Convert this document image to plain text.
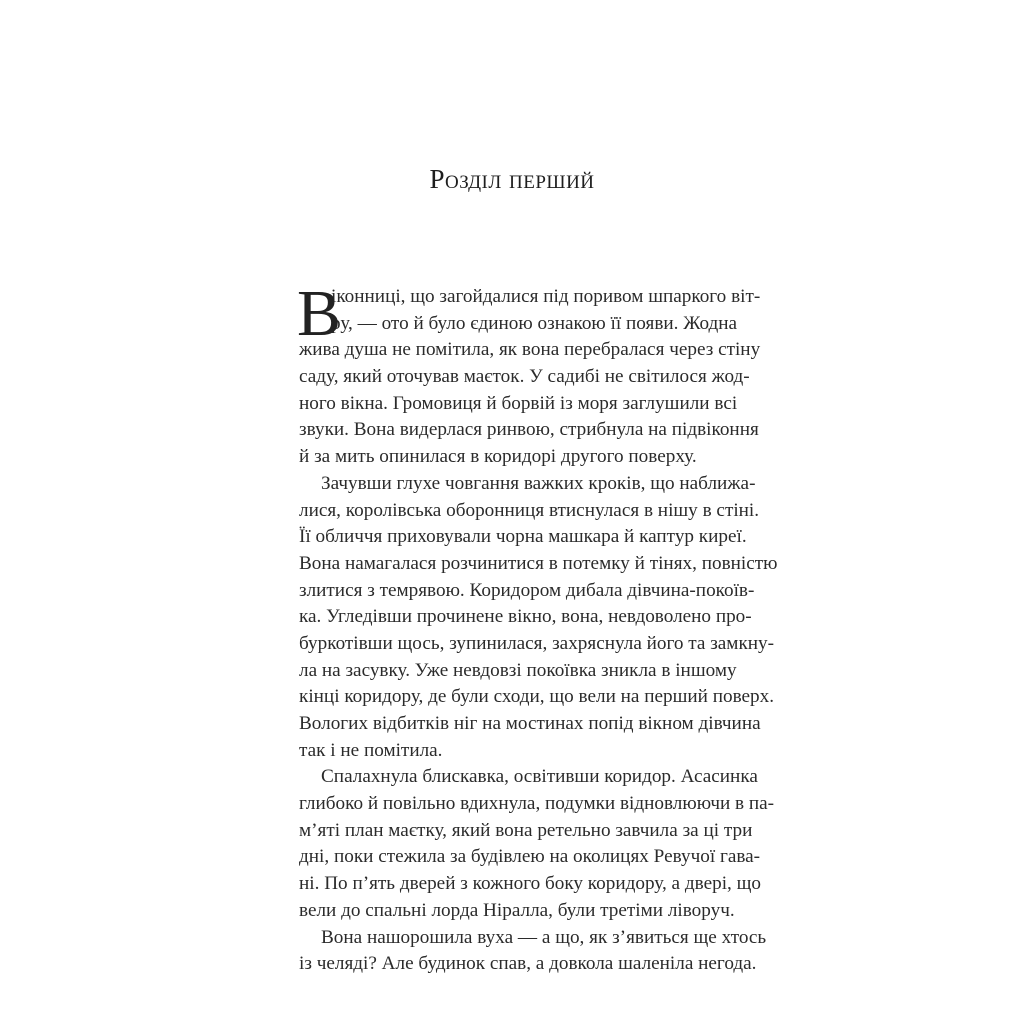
Розділ перший
В
іконниці, що загойдалися під поривом шпаркого віт-
ру, — ото й було єдиною ознакою її появи. Жодна
жива душа не помітила, як вона перебралася через стіну
саду, який оточував маєток. У садибі не світилося жод-
ного вікна. Громовиця й борвій із моря заглушили всі
звуки. Вона видерлася ринвою, стрибнула на підвіконня
й за мить опинилася в коридорі другого поверху.
Зачувши глухе човгання важких кроків, що наближа-
лися, королівська оборонниця втиснулася в нішу в стіні.
Її обличчя приховували чорна машкара й каптур киреї.
Вона намагалася розчинитися в потемку й тінях, повністю
злитися з темрявою. Коридором дибала дівчина-покоїв-
ка. Угледівши прочинене вікно, вона, невдоволено про-
буркотівши щось, зупинилася, захряснула його та замкну-
ла на засувку. Уже невдовзі покоївка зникла в іншому
кінці коридору, де були сходи, що вели на перший поверх.
Вологих відбитків ніг на мостинах попід вікном дівчина
так і не помітила.
Спалахнула блискавка, освітивши коридор. Асасинка
глибоко й повільно вдихнула, подумки відновлюючи в па-
м’яті план маєтку, який вона ретельно завчила за ці три
дні, поки стежила за будівлею на околицях Ревучої гава-
ні. По п’ять дверей з кожного боку коридору, а двері, що
вели до спальні лорда Ніралла, були третіми ліворуч.
Вона нашорошила вуха — а що, як з’явиться ще хтось
із челяді? Але будинок спав, а довкола шаленіла негода.
